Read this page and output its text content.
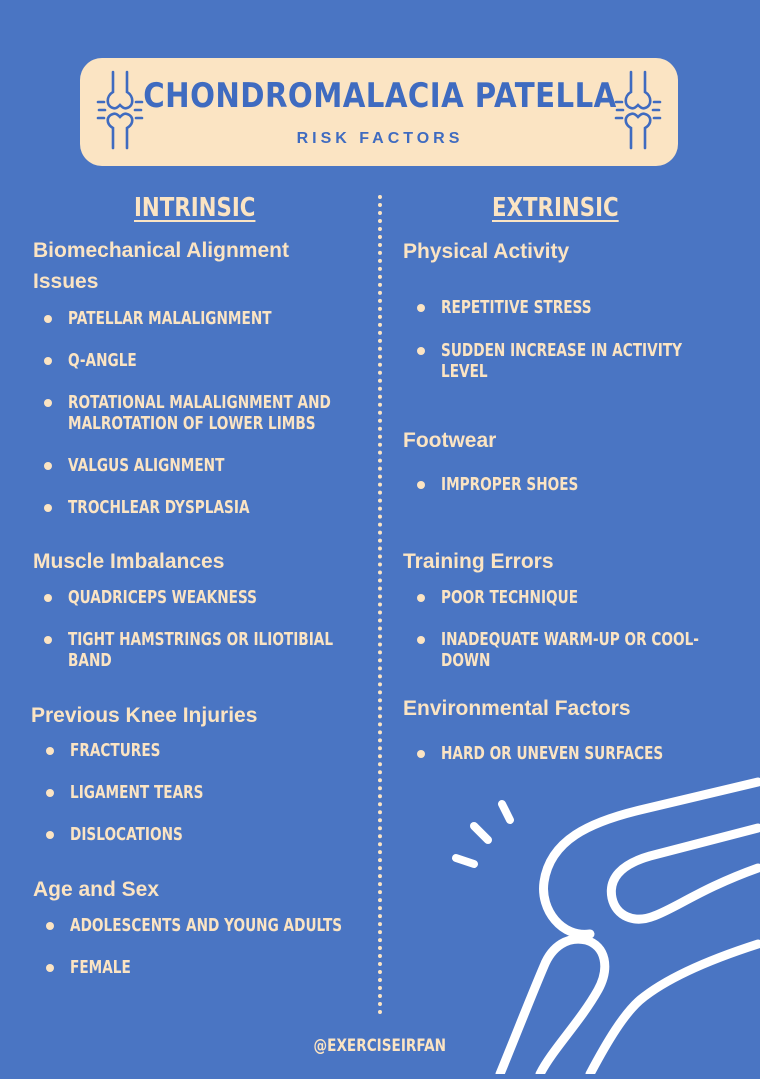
CHONDROMALACIA PATELLA
RISK FACTORS
INTRINSIC	EXTRINSIC
Biomechanical Alignment Issues
PATELLAR MALALIGNMENT
Q-ANGLE
ROTATIONAL MALALIGNMENT AND MALROTATION OF LOWER LIMBS
VALGUS ALIGNMENT
TROCHLEAR DYSPLASIA
Muscle Imbalances
QUADRICEPS WEAKNESS
TIGHT HAMSTRINGS OR ILIOTIBIAL BAND
Previous Knee Injuries
FRACTURES
LIGAMENT TEARS
DISLOCATIONS
Age and Sex
ADOLESCENTS AND YOUNG ADULTS
FEMALE
Physical Activity
REPETITIVE STRESS
SUDDEN INCREASE IN ACTIVITY LEVEL
Footwear
IMPROPER SHOES
Training Errors
POOR TECHNIQUE
INADEQUATE WARM-UP OR COOL-DOWN
Environmental Factors
HARD OR UNEVEN SURFACES
@EXERCISEIRFAN
